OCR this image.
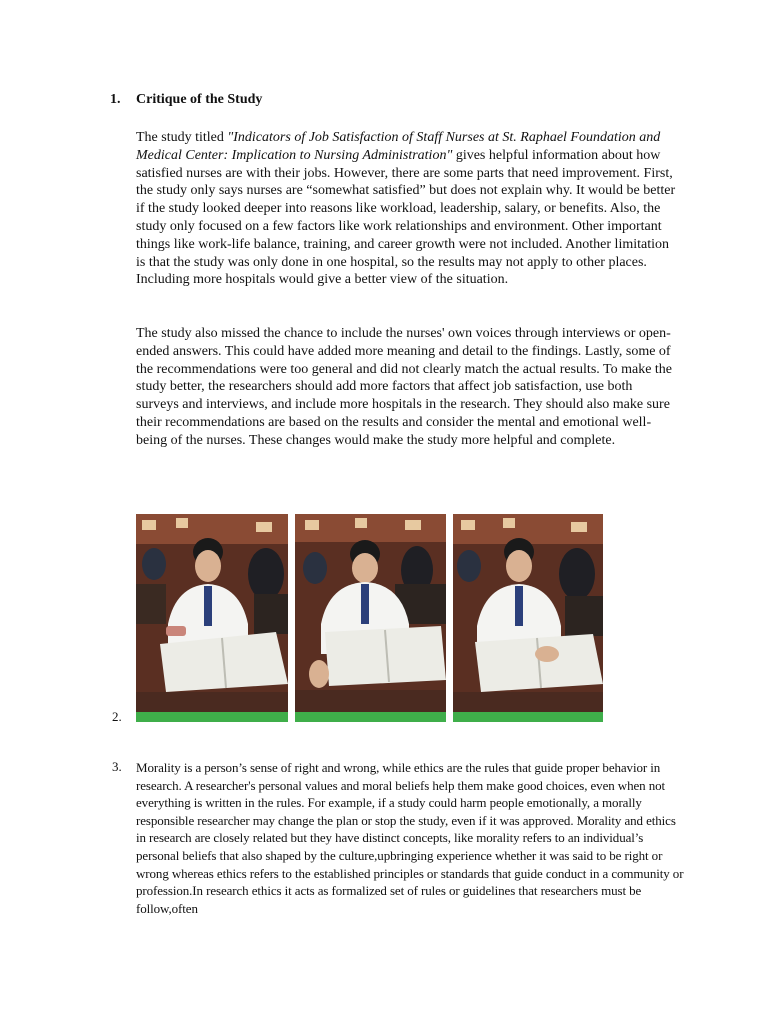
1. Critique of the Study

The study titled "Indicators of Job Satisfaction of Staff Nurses at St. Raphael Foundation and Medical Center: Implication to Nursing Administration" gives helpful information about how satisfied nurses are with their jobs. However, there are some parts that need improvement. First, the study only says nurses are “somewhat satisfied” but does not explain why. It would be better if the study looked deeper into reasons like workload, leadership, salary, or benefits. Also, the study only focused on a few factors like work relationships and environment. Other important things like work-life balance, training, and career growth were not included. Another limitation is that the study was only done in one hospital, so the results may not apply to other places. Including more hospitals would give a better view of the situation.

The study also missed the chance to include the nurses' own voices through interviews or open-ended answers. This could have added more meaning and detail to the findings. Lastly, some of the recommendations were too general and did not clearly match the actual results. To make the study better, the researchers should add more factors that affect job satisfaction, use both surveys and interviews, and include more hospitals in the research. They should also make sure their recommendations are based on the results and consider the mental and emotional well-being of the nurses. These changes would make the study more helpful and complete.

2.
3. Morality is a person’s sense of right and wrong, while ethics are the rules that guide proper behavior in research. A researcher's personal values and moral beliefs help them make good choices, even when not everything is written in the rules. For example, if a study could harm people emotionally, a morally responsible researcher may change the plan or stop the study, even if it was approved. Morality and ethics in research are closely related but they have distinct concepts, like morality refers to an individual’s personal beliefs that also shaped by the culture,upbringing experience whether it was said to be right or wrong whereas ethics refers to the established principles or standards that guide conduct in a community or profession.In research ethics it acts as formalized set of rules or guidelines that researchers must be follow,often
